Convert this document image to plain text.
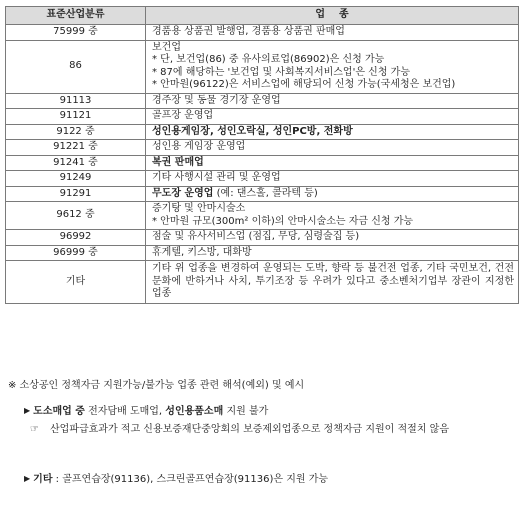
표준산업분류	업    종
75999 중	경품용 상품권 발행업, 경품용 상품권 판매업

86	보건업
* 단, 보건업(86) 중 유사의료업(86902)은 신청 가능
* 87에 해당하는 '보건업 및 사회복지서비스업'은 신청 가능
* 안마원(96122)은 서비스업에 해당되어 신청 가능(국세청은 보건업)

91113	경주장 및 동물 경기장 운영업

91121	골프장 운영업

9122 중	성인용게임장, 성인오락실, 성인PC방, 전화방

91221 중	성인용 게임장 운영업

91241 중	복권 판매업

91249	기타 사행시설 관리 및 운영업

91291	무도장 운영업 (예: 댄스홀, 콜라텍 등)
9612 중	증기탕 및 안마시술소
* 안마원 규모(300m² 이하)의 안마시술소는 자금 신청 가능

96992	점술 및 유사서비스업 (점집, 무당, 심령술집 등)

96999 중	휴게텔, 키스방, 대화방

기타	기타 위 업종을 변경하여 운영되는 도박, 향락 등 불건전 업종, 기타 국민보건, 건전문화에 반하거나 사치, 투기조장 등 우려가 있다고 중소벤처기업부 장관이 지정한 업종
※ 소상공인 정책자금 지원가능/불가능 업종 관련 해석(예외) 및 예시
▶ 도소매업 중 전자담배 도매업, 성인용품소매 지원 불가
☞ 산업파급효과가 적고 신용보증재단중앙회의 보증제외업종으로 정책자금 지원이 적절치 않음
▶ 기타 : 골프연습장(91136), 스크린골프연습장(91136)은 지원 가능
